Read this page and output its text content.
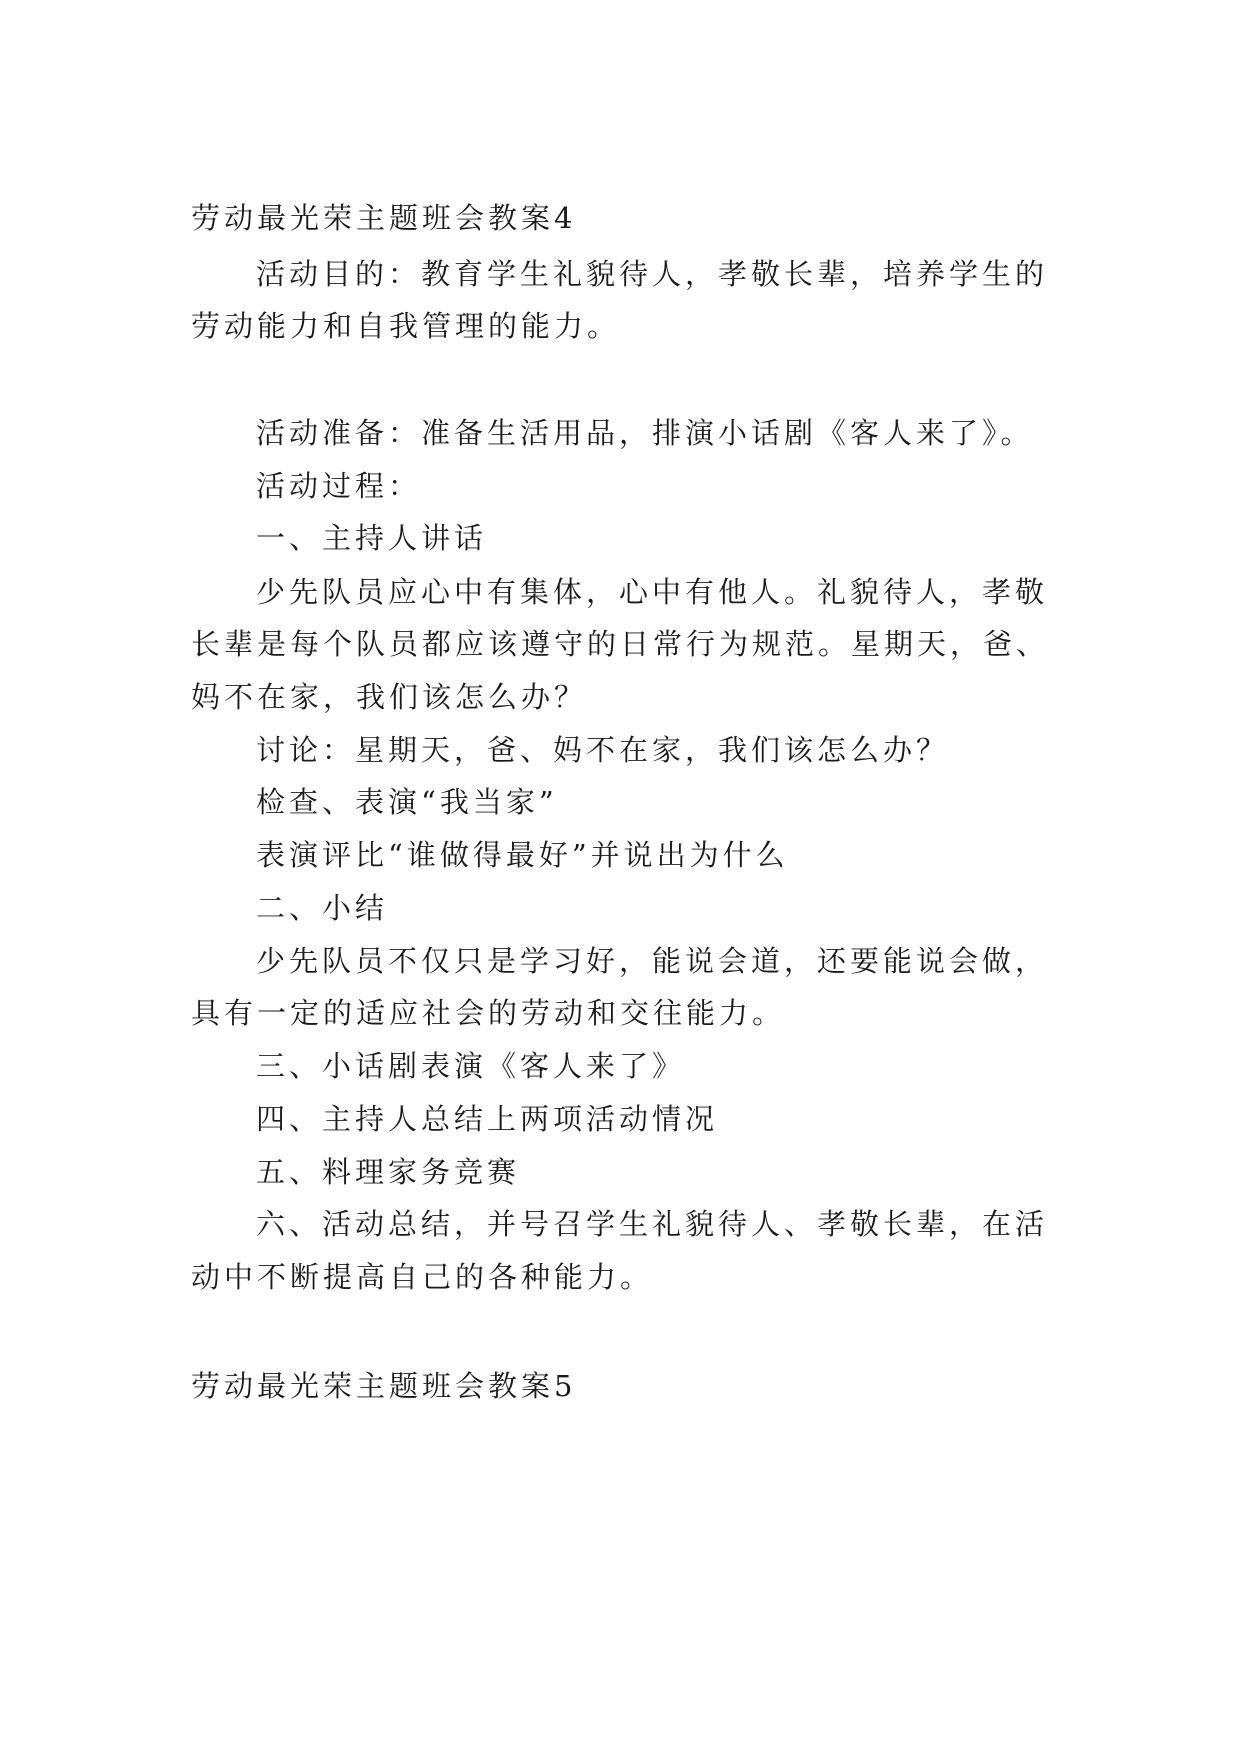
劳动最光荣主题班会教案4
活动目的：教育学生礼貌待人，孝敬长辈，培养学生的
劳动能力和自我管理的能力。
活动准备：准备生活用品，排演小话剧《客人来了》。
活动过程：
一、主持人讲话
少先队员应心中有集体，心中有他人。礼貌待人，孝敬
长辈是每个队员都应该遵守的日常行为规范。星期天，爸、
妈不在家，我们该怎么办？
讨论：星期天，爸、妈不在家，我们该怎么办？
检查、表演“我当家”
表演评比“谁做得最好”并说出为什么
二、小结
少先队员不仅只是学习好，能说会道，还要能说会做，
具有一定的适应社会的劳动和交往能力。
三、小话剧表演《客人来了》
四、主持人总结上两项活动情况
五、料理家务竞赛
六、活动总结，并号召学生礼貌待人、孝敬长辈，在活
动中不断提高自己的各种能力。
劳动最光荣主题班会教案5
